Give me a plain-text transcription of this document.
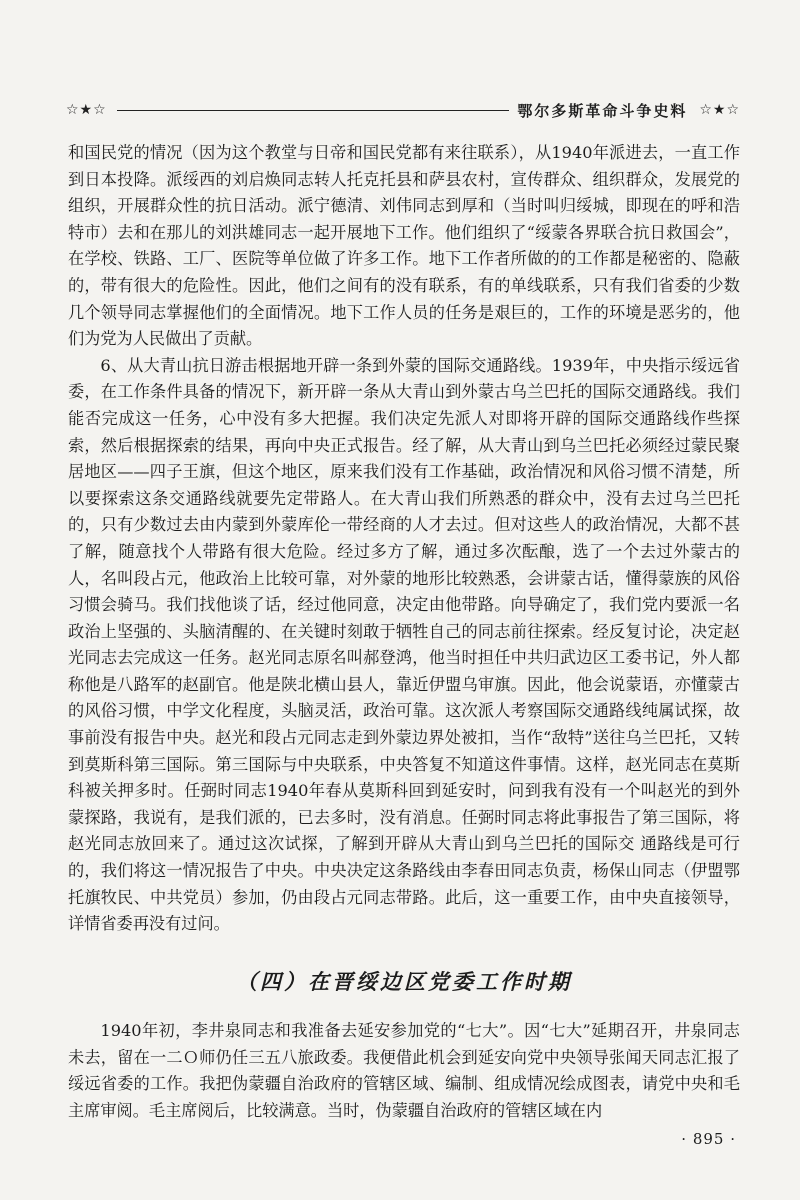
☆★☆	鄂尔多斯革命斗争史料 ☆★☆

和国民党的情况（因为这个教堂与日帝和国民党都有来往联系），从1940年派进去，一直工作到日本投降。派绥西的刘启焕同志转人托克托县和萨县农村，宣传群众、组织群众，发展党的组织，开展群众性的抗日活动。派宁德清、刘伟同志到厚和（当时叫归绥城，即现在的呼和浩特市）去和在那儿的刘洪雄同志一起开展地下工作。他们组织了“绥蒙各界联合抗日救国会”，在学校、铁路、工厂、医院等单位做了许多工作。地下工作者所做的的工作都是秘密的、隐蔽的，带有很大的危险性。因此，他们之间有的没有联系，有的单线联系，只有我们省委的少数几个领导同志掌握他们的全面情况。地下工作人员的任务是艰巨的，工作的环境是恶劣的，他们为党为人民做出了贡献。

6、从大青山抗日游击根据地开辟一条到外蒙的国际交通路线。1939年，中央指示绥远省委，在工作条件具备的情况下，新开辟一条从大青山到外蒙古乌兰巴托的国际交通路线。我们能否完成这一任务，心中没有多大把握。我们决定先派人对即将开辟的国际交通路线作些探索，然后根据探索的结果，再向中央正式报告。经了解，从大青山到乌兰巴托必须经过蒙民聚居地区——四子王旗，但这个地区，原来我们没有工作基础，政治情况和风俗习惯不清楚，所以要探索这条交通路线就要先定带路人。在大青山我们所熟悉的群众中，没有去过乌兰巴托的，只有少数过去由内蒙到外蒙库伦一带经商的人才去过。但对这些人的政治情况，大都不甚了解，随意找个人带路有很大危险。经过多方了解，通过多次酝酿，选了一个去过外蒙古的人，名叫段占元，他政治上比较可靠，对外蒙的地形比较熟悉，会讲蒙古话，懂得蒙族的风俗习惯会骑马。我们找他谈了话，经过他同意，决定由他带路。向导确定了，我们党内要派一名政治上坚强的、头脑清醒的、在关键时刻敢于牺牲自己的同志前往探索。经反复讨论，决定赵光同志去完成这一任务。赵光同志原名叫郝登鸿，他当时担任中共归武边区工委书记，外人都称他是八路军的赵副官。他是陕北横山县人，靠近伊盟乌审旗。因此，他会说蒙语，亦懂蒙古的风俗习惯，中学文化程度，头脑灵活，政治可靠。这次派人考察国际交通路线纯属试探，故事前没有报告中央。赵光和段占元同志走到外蒙边界处被扣，当作“敌特”送往乌兰巴托，又转到莫斯科第三国际。第三国际与中央联系，中央答复不知道这件事情。这样，赵光同志在莫斯科被关押多时。任弼时同志1940年春从莫斯科回到延安时，问到我有没有一个叫赵光的到外蒙探路，我说有，是我们派的，已去多时，没有消息。任弼时同志将此事报告了第三国际，将赵光同志放回来了。通过这次试探，了解到开辟从大青山到乌兰巴托的国际交 通路线是可行的，我们将这一情况报告了中央。中央决定这条路线由李春田同志负责，杨保山同志（伊盟鄂托旗牧民、中共党员）参加，仍由段占元同志带路。此后，这一重要工作，由中央直接领导，详情省委再没有过问。

（四）在晋绥边区党委工作时期

1940年初，李井泉同志和我准备去延安参加党的“七大”。因“七大”延期召开，井泉同志未去，留在一二Ｏ师仍任三五八旅政委。我便借此机会到延安向党中央领导张闻天同志汇报了绥远省委的工作。我把伪蒙疆自治政府的管辖区域、编制、组成情况绘成图表，请党中央和毛主席审阅。毛主席阅后，比较满意。当时，伪蒙疆自治政府的管辖区域在内

· 895 ·
